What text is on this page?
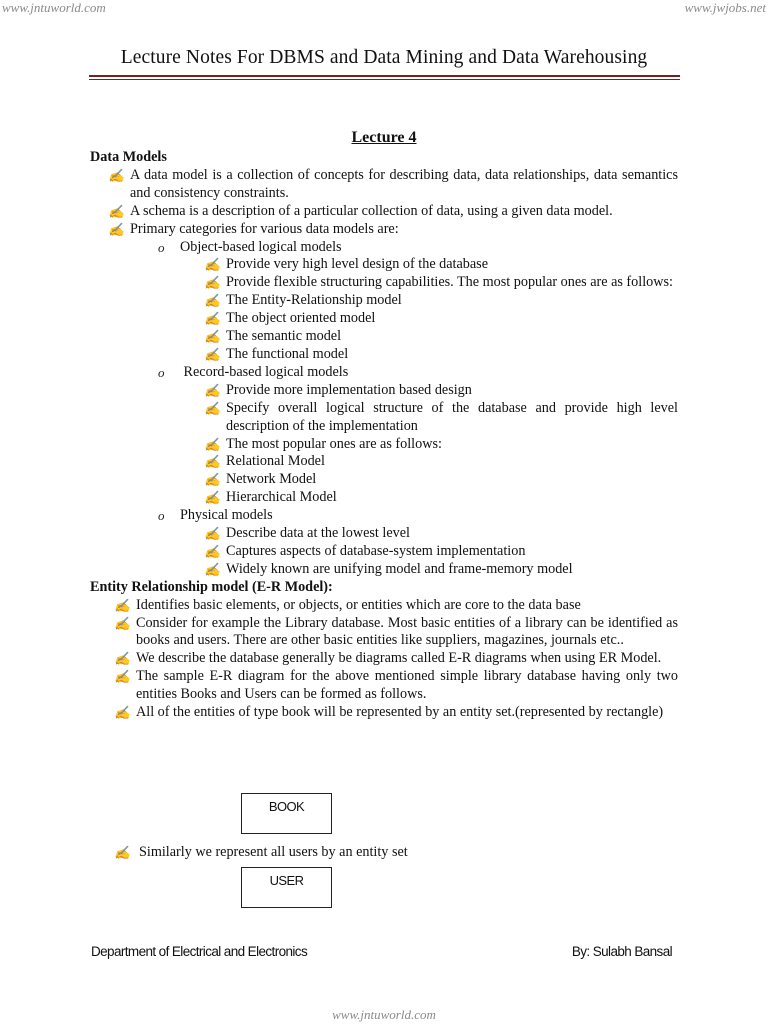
www.jntuworld.com	www.jwjobs.net
Lecture Notes For DBMS and Data Mining and Data Warehousing
Lecture 4
Data Models
✍ A data model is a collection of concepts for describing data, data relationships, data semantics and consistency constraints.
✍ A schema is a description of a particular collection of data, using a given data model.
✍ Primary categories for various data models are:
o Object-based logical models
✍ Provide very high level design of the database
✍ Provide flexible structuring capabilities. The most popular ones are as follows:
✍ The Entity-Relationship model
✍ The object oriented model
✍ The semantic model
✍ The functional model
o Record-based logical models
✍ Provide more implementation based design
✍ Specify overall logical structure of the database and provide high level description of the implementation
✍ The most popular ones are as follows:
✍ Relational Model
✍ Network Model
✍ Hierarchical Model
o Physical models
✍ Describe data at the lowest level
✍ Captures aspects of database-system implementation
✍ Widely known are unifying model and frame-memory model
Entity Relationship model (E-R Model):
✍ Identifies basic elements, or objects, or entities which are core to the data base
✍ Consider for example the Library database. Most basic entities of a library can be identified as books and users. There are other basic entities like suppliers, magazines, journals etc..
✍ We describe the database generally be diagrams called E-R diagrams when using ER Model.
✍ The sample E-R diagram for the above mentioned simple library database having only two entities Books and Users can be formed as follows.
✍ All of the entities of type book will be represented by an entity set.(represented by rectangle)
BOOK
✍ Similarly we represent all users by an entity set
USER
Department of Electrical and Electronics	By: Sulabh Bansal
www.jntuworld.com
